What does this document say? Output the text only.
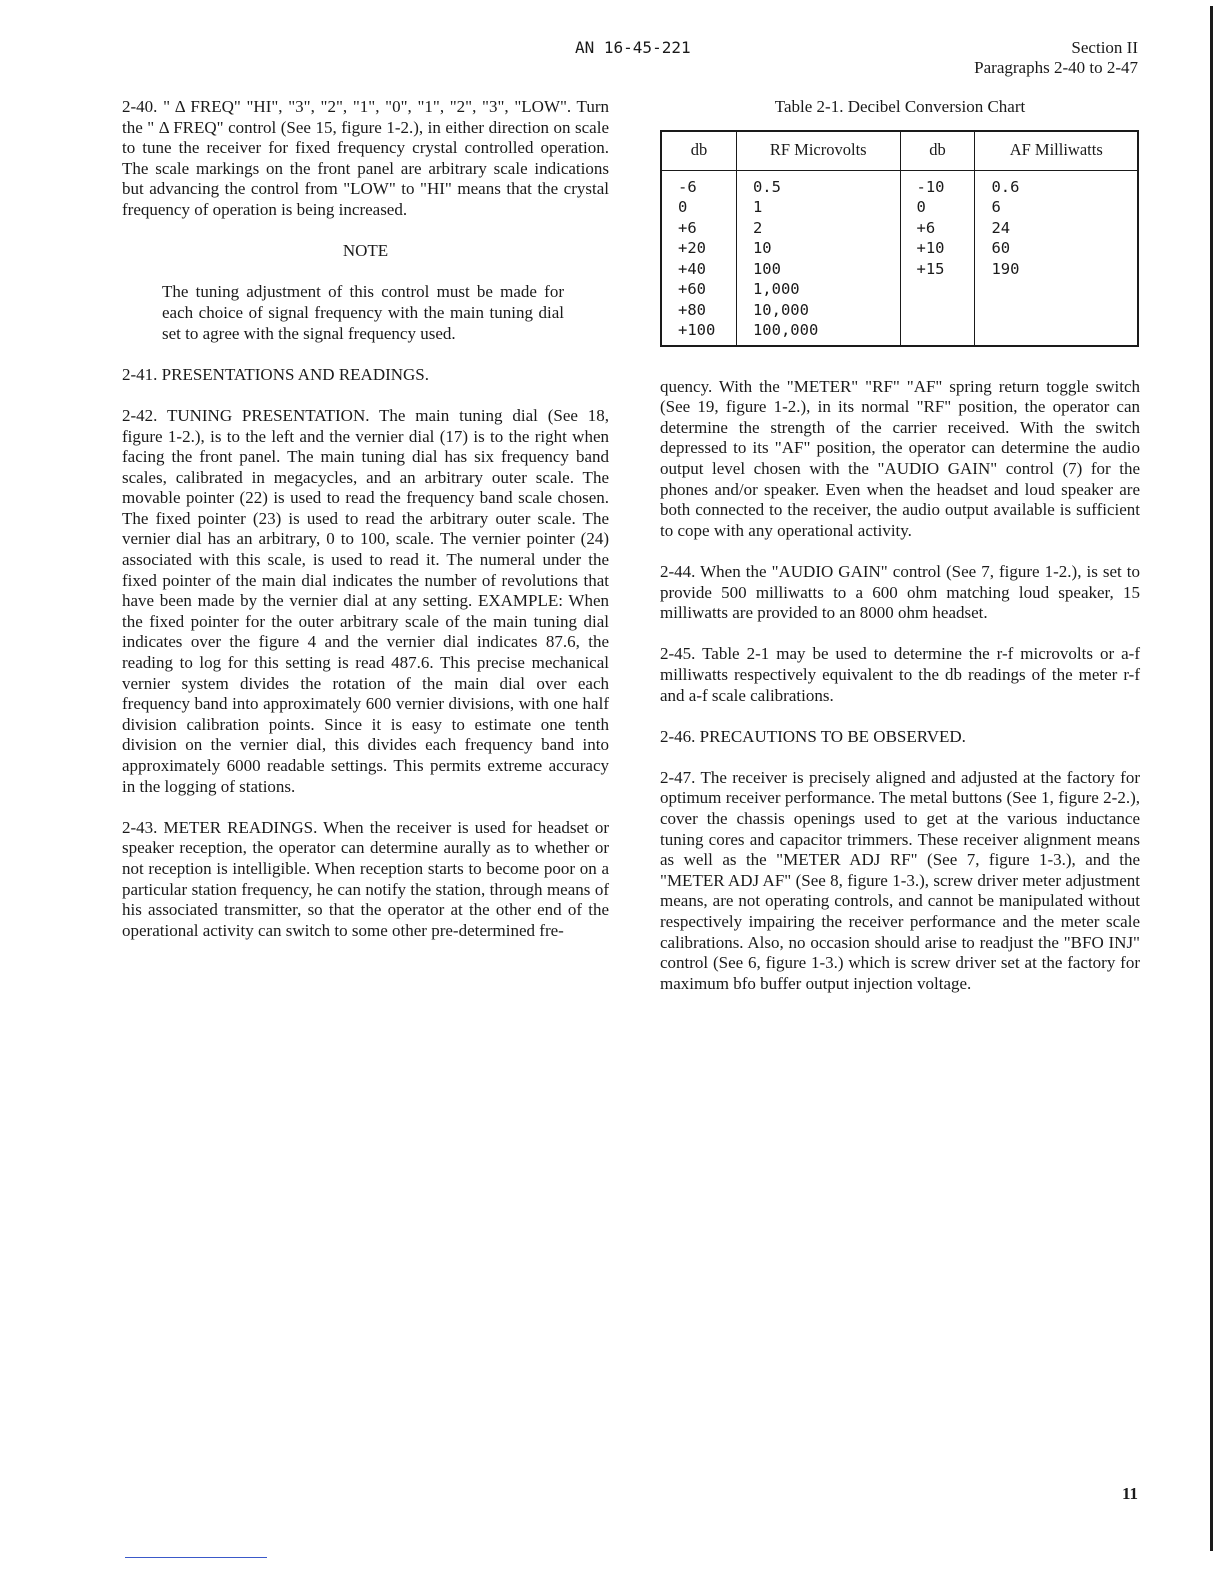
AN 16-45-221	Section II
Paragraphs 2-40 to 2-47

2-40. " Δ FREQ" "HI", "3", "2", "1", "0", "1", "2", "3", "LOW". Turn the " Δ FREQ" control (See 15, figure 1-2.), in either direction on scale to tune the receiver for fixed frequency crystal controlled operation. The scale markings on the front panel are arbitrary scale indications but advancing the control from "LOW" to "HI" means that the crystal frequency of operation is being increased.

NOTE
The tuning adjustment of this control must be made for each choice of signal frequency with the main tuning dial set to agree with the signal frequency used.

2-41. PRESENTATIONS AND READINGS.

2-42. TUNING PRESENTATION. The main tuning dial (See 18, figure 1-2.), is to the left and the vernier dial (17) is to the right when facing the front panel. The main tuning dial has six frequency band scales, calibrated in megacycles, and an arbitrary outer scale. The movable pointer (22) is used to read the frequency band scale chosen. The fixed pointer (23) is used to read the arbitrary outer scale. The vernier dial has an arbitrary, 0 to 100, scale. The vernier pointer (24) associated with this scale, is used to read it. The numeral under the fixed pointer of the main dial indicates the number of revolutions that have been made by the vernier dial at any setting. EXAMPLE: When the fixed pointer for the outer arbitrary scale of the main tuning dial indicates over the figure 4 and the vernier dial indicates 87.6, the reading to log for this setting is read 487.6. This precise mechanical vernier system divides the rotation of the main dial over each frequency band into approximately 600 vernier divisions, with one half division calibration points. Since it is easy to estimate one tenth division on the vernier dial, this divides each frequency band into approximately 6000 readable settings. This permits extreme accuracy in the logging of stations.

2-43. METER READINGS. When the receiver is used for headset or speaker reception, the operator can determine aurally as to whether or not reception is intelligible. When reception starts to become poor on a particular station frequency, he can notify the station, through means of his associated transmitter, so that the operator at the other end of the operational activity can switch to some other pre-determined fre-

Table 2-1. Decibel Conversion Chart
db	RF Microvolts	db	AF Milliwatts
-6	0.5	-10	0.6
0	1	0	6
+6	2	+6	24
+20	10	+10	60
+40	100	+15	190
+60	1,000		
+80	10,000		
+100	100,000		

quency. With the "METER" "RF" "AF" spring return toggle switch (See 19, figure 1-2.), in its normal "RF" position, the operator can determine the strength of the carrier received. With the switch depressed to its "AF" position, the operator can determine the audio output level chosen with the "AUDIO GAIN" control (7) for the phones and/or speaker. Even when the headset and loud speaker are both connected to the receiver, the audio output available is sufficient to cope with any operational activity.

2-44. When the "AUDIO GAIN" control (See 7, figure 1-2.), is set to provide 500 milliwatts to a 600 ohm matching loud speaker, 15 milliwatts are provided to an 8000 ohm headset.

2-45. Table 2-1 may be used to determine the r-f microvolts or a-f milliwatts respectively equivalent to the db readings of the meter r-f and a-f scale calibrations.

2-46. PRECAUTIONS TO BE OBSERVED.

2-47. The receiver is precisely aligned and adjusted at the factory for optimum receiver performance. The metal buttons (See 1, figure 2-2.), cover the chassis openings used to get at the various inductance tuning cores and capacitor trimmers. These receiver alignment means as well as the "METER ADJ RF" (See 7, figure 1-3.), and the "METER ADJ AF" (See 8, figure 1-3.), screw driver meter adjustment means, are not operating controls, and cannot be manipulated without respectively impairing the receiver performance and the meter scale calibrations. Also, no occasion should arise to readjust the "BFO INJ" control (See 6, figure 1-3.) which is screw driver set at the factory for maximum bfo buffer output injection voltage.

11
